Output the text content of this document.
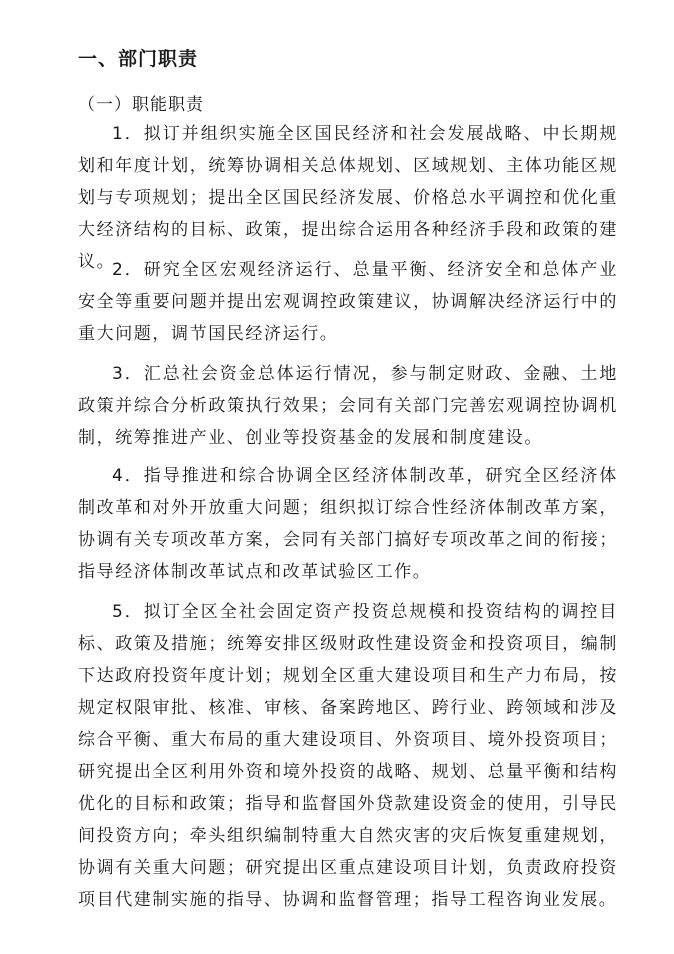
一、部门职责
（一）职能职责

1．拟订并组织实施全区国民经济和社会发展战略、中长期规划和年度计划，统筹协调相关总体规划、区域规划、主体功能区规划与专项规划；提出全区国民经济发展、价格总水平调控和优化重大经济结构的目标、政策，提出综合运用各种经济手段和政策的建议。

2．研究全区宏观经济运行、总量平衡、经济安全和总体产业安全等重要问题并提出宏观调控政策建议，协调解决经济运行中的重大问题，调节国民经济运行。

3．汇总社会资金总体运行情况，参与制定财政、金融、土地政策并综合分析政策执行效果；会同有关部门完善宏观调控协调机制，统筹推进产业、创业等投资基金的发展和制度建设。

4．指导推进和综合协调全区经济体制改革，研究全区经济体制改革和对外开放重大问题；组织拟订综合性经济体制改革方案，协调有关专项改革方案，会同有关部门搞好专项改革之间的衔接；指导经济体制改革试点和改革试验区工作。

5．拟订全区全社会固定资产投资总规模和投资结构的调控目标、政策及措施；统筹安排区级财政性建设资金和投资项目，编制下达政府投资年度计划；规划全区重大建设项目和生产力布局，按规定权限审批、核准、审核、备案跨地区、跨行业、跨领域和涉及综合平衡、重大布局的重大建设项目、外资项目、境外投资项目；研究提出全区利用外资和境外投资的战略、规划、总量平衡和结构优化的目标和政策；指导和监督国外贷款建设资金的使用，引导民间投资方向；牵头组织编制特重大自然灾害的灾后恢复重建规划，协调有关重大问题；研究提出区重点建设项目计划，负责政府投资项目代建制实施的指导、协调和监督管理；指导工程咨询业发展。
